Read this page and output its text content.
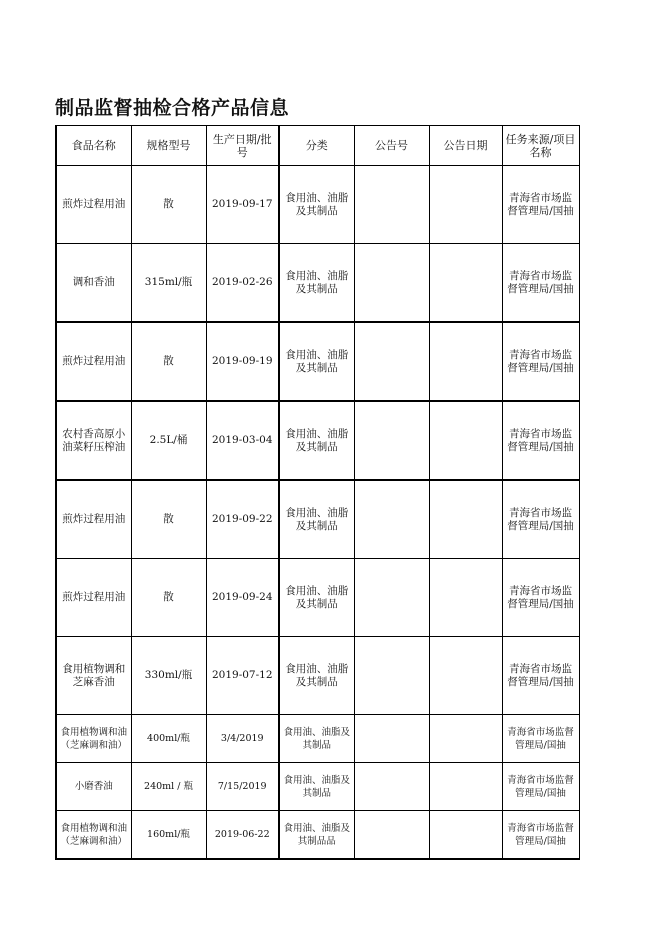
制品监督抽检合格产品信息
食品名称	规格型号	生产日期/批号	分类	公告号	公告日期	任务来源/项目名称
煎炸过程用油	散	2019-09-17	食用油、油脂及其制品			青海省市场监督管理局/国抽
调和香油	315ml/瓶	2019-02-26	食用油、油脂及其制品			青海省市场监督管理局/国抽
煎炸过程用油	散	2019-09-19	食用油、油脂及其制品			青海省市场监督管理局/国抽
农村香高原小油菜籽压榨油	2.5L/桶	2019-03-04	食用油、油脂及其制品			青海省市场监督管理局/国抽
煎炸过程用油	散	2019-09-22	食用油、油脂及其制品			青海省市场监督管理局/国抽
煎炸过程用油	散	2019-09-24	食用油、油脂及其制品			青海省市场监督管理局/国抽
食用植物调和芝麻香油	330ml/瓶	2019-07-12	食用油、油脂及其制品			青海省市场监督管理局/国抽
食用植物调和油（芝麻调和油）	400ml/瓶	3/4/2019	食用油、油脂及其制品			青海省市场监督管理局/国抽
小磨香油	240ml / 瓶	7/15/2019	食用油、油脂及其制品			青海省市场监督管理局/国抽
食用植物调和油（芝麻调和油）	160ml/瓶	2019-06-22	食用油、油脂及其制品品			青海省市场监督管理局/国抽
